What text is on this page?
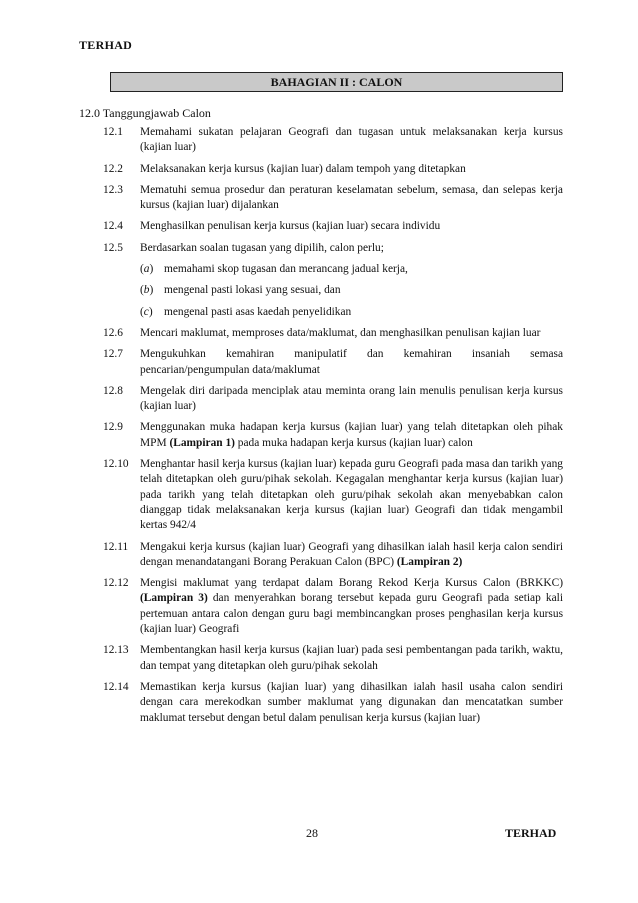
TERHAD
BAHAGIAN II : CALON
12.0 Tanggungjawab Calon
12.1	Memahami sukatan pelajaran Geografi dan tugasan untuk melaksanakan kerja kursus (kajian luar)
12.2	Melaksanakan kerja kursus (kajian luar) dalam tempoh yang ditetapkan
12.3	Mematuhi semua prosedur dan peraturan keselamatan sebelum, semasa, dan selepas kerja kursus (kajian luar) dijalankan
12.4	Menghasilkan penulisan kerja kursus (kajian luar) secara individu
12.5	Berdasarkan soalan tugasan yang dipilih, calon perlu;
(a) memahami skop tugasan dan merancang jadual kerja,
(b) mengenal pasti lokasi yang sesuai, dan
(c) mengenal pasti asas kaedah penyelidikan
12.6	Mencari maklumat, memproses data/maklumat, dan menghasilkan penulisan kajian luar
12.7	Mengukuhkan kemahiran manipulatif dan kemahiran insaniah semasa pencarian/pengumpulan data/maklumat
12.8	Mengelak diri daripada menciplak atau meminta orang lain menulis penulisan kerja kursus (kajian luar)
12.9	Menggunakan muka hadapan kerja kursus (kajian luar) yang telah ditetapkan oleh pihak MPM (Lampiran 1) pada muka hadapan kerja kursus (kajian luar) calon
12.10 Menghantar hasil kerja kursus (kajian luar) kepada guru Geografi pada masa dan tarikh yang telah ditetapkan oleh guru/pihak sekolah. Kegagalan menghantar kerja kursus (kajian luar) pada tarikh yang telah ditetapkan oleh guru/pihak sekolah akan menyebabkan calon dianggap tidak melaksanakan kerja kursus (kajian luar) Geografi dan tidak mengambil kertas 942/4
12.11	Mengakui kerja kursus (kajian luar) Geografi yang dihasilkan ialah hasil kerja calon sendiri dengan menandatangani Borang Perakuan Calon (BPC) (Lampiran 2)
12.12 Mengisi maklumat yang terdapat dalam Borang Rekod Kerja Kursus Calon (BRKKC) (Lampiran 3) dan menyerahkan borang tersebut kepada guru Geografi pada setiap kali pertemuan antara calon dengan guru bagi membincangkan proses penghasilan kerja kursus (kajian luar) Geografi
12.13 Membentangkan hasil kerja kursus (kajian luar) pada sesi pembentangan pada tarikh, waktu, dan tempat yang ditetapkan oleh guru/pihak sekolah
12.14 Memastikan kerja kursus (kajian luar) yang dihasilkan ialah hasil usaha calon sendiri dengan cara merekodkan sumber maklumat yang digunakan dan mencatatkan sumber maklumat tersebut dengan betul dalam penulisan kerja kursus (kajian luar)
28	TERHAD
